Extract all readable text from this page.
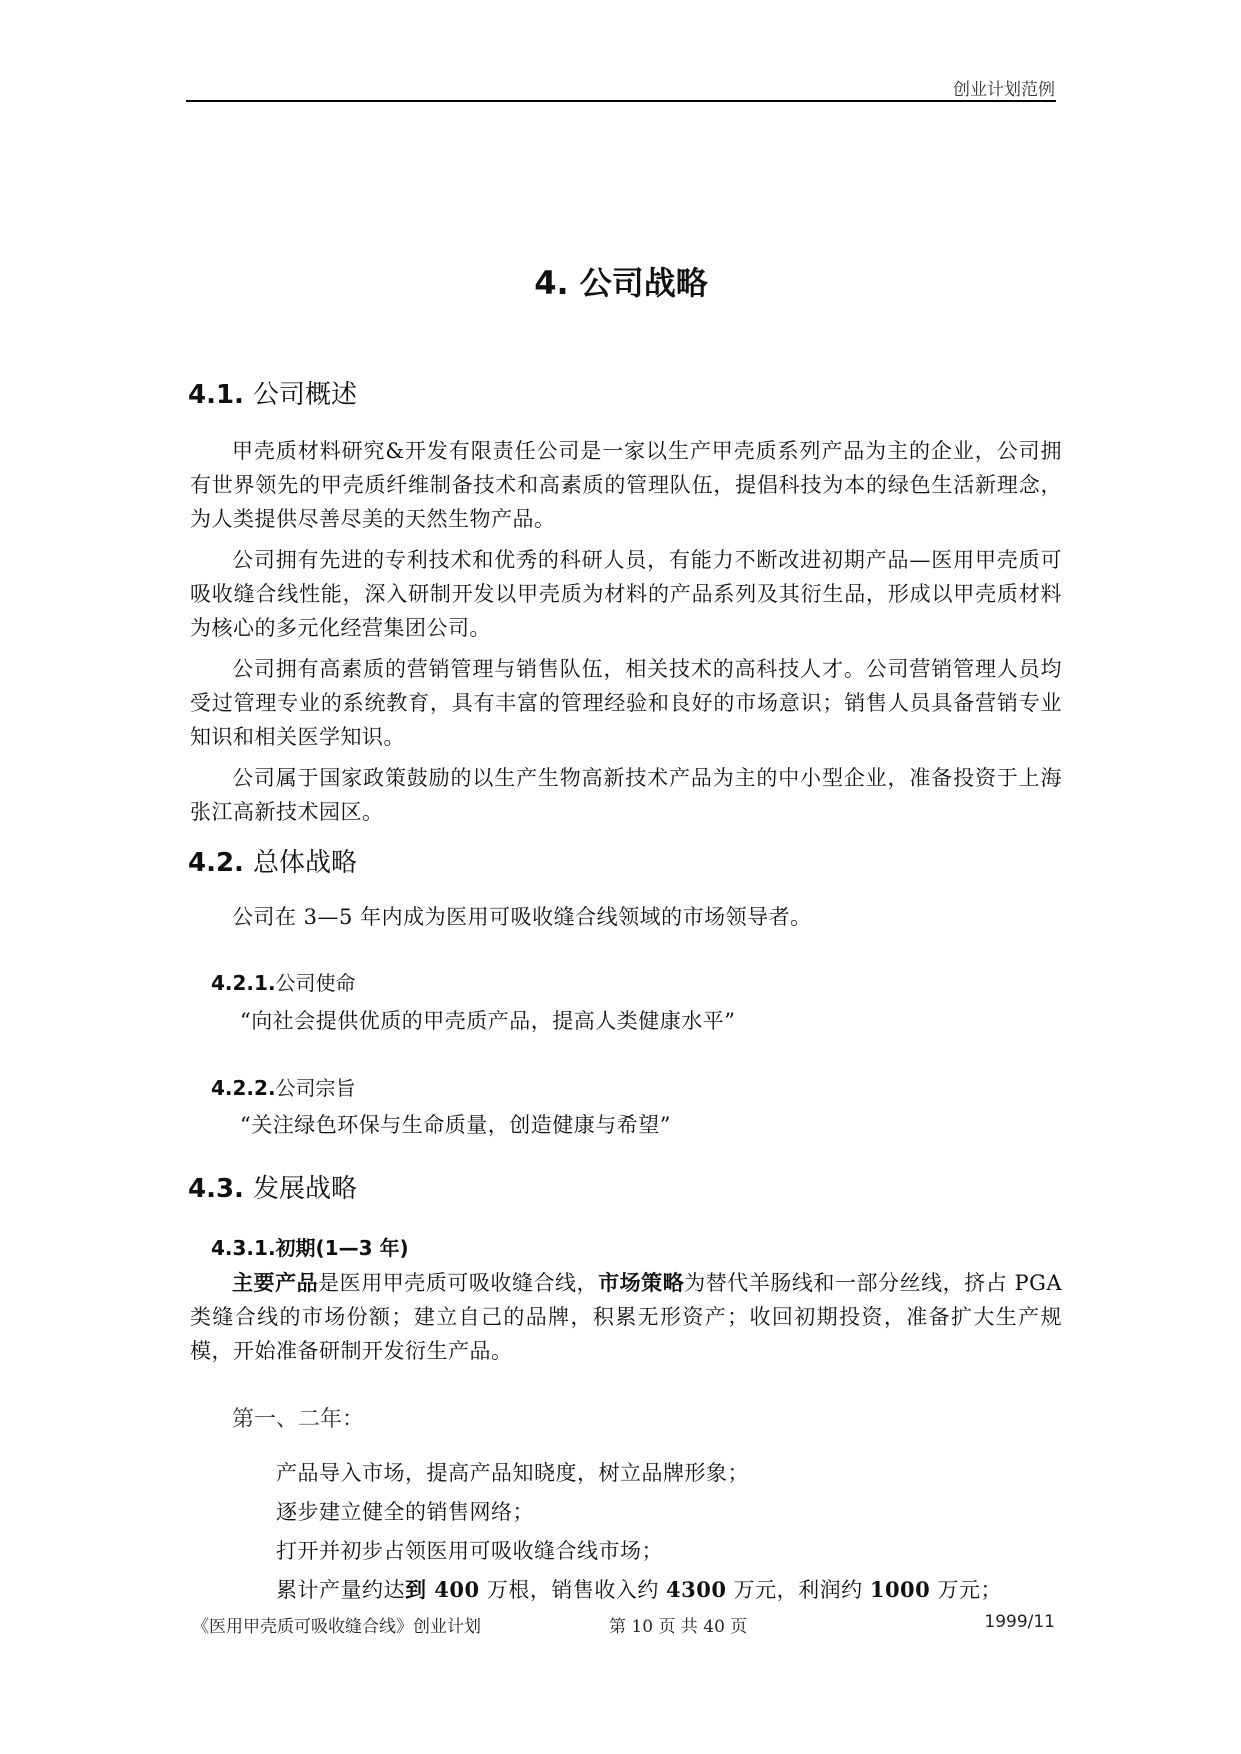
创业计划范例
4. 公司战略
4.1. 公司概述
甲壳质材料研究&开发有限责任公司是一家以生产甲壳质系列产品为主的企业，公司拥有世界领先的甲壳质纤维制备技术和高素质的管理队伍，提倡科技为本的绿色生活新理念，为人类提供尽善尽美的天然生物产品。
公司拥有先进的专利技术和优秀的科研人员，有能力不断改进初期产品—医用甲壳质可吸收缝合线性能，深入研制开发以甲壳质为材料的产品系列及其衍生品，形成以甲壳质材料为核心的多元化经营集团公司。
公司拥有高素质的营销管理与销售队伍，相关技术的高科技人才。公司营销管理人员均受过管理专业的系统教育，具有丰富的管理经验和良好的市场意识；销售人员具备营销专业知识和相关医学知识。
公司属于国家政策鼓励的以生产生物高新技术产品为主的中小型企业，准备投资于上海张江高新技术园区。
4.2. 总体战略
公司在 3—5 年内成为医用可吸收缝合线领域的市场领导者。
4.2.1.公司使命
“向社会提供优质的甲壳质产品，提高人类健康水平”
4.2.2.公司宗旨
“关注绿色环保与生命质量，创造健康与希望”
4.3. 发展战略
4.3.1.初期(1—3 年)
主要产品是医用甲壳质可吸收缝合线，市场策略为替代羊肠线和一部分丝线，挤占 PGA 类缝合线的市场份额；建立自己的品牌，积累无形资产；收回初期投资，准备扩大生产规模，开始准备研制开发衍生产品。
第一、二年：
产品导入市场，提高产品知晓度，树立品牌形象；
逐步建立健全的销售网络；
打开并初步占领医用可吸收缝合线市场；
累计产量约达到 400 万根，销售收入约 4300 万元，利润约 1000 万元；
《医用甲壳质可吸收缝合线》创业计划	第 10 页 共 40 页	1999/11
